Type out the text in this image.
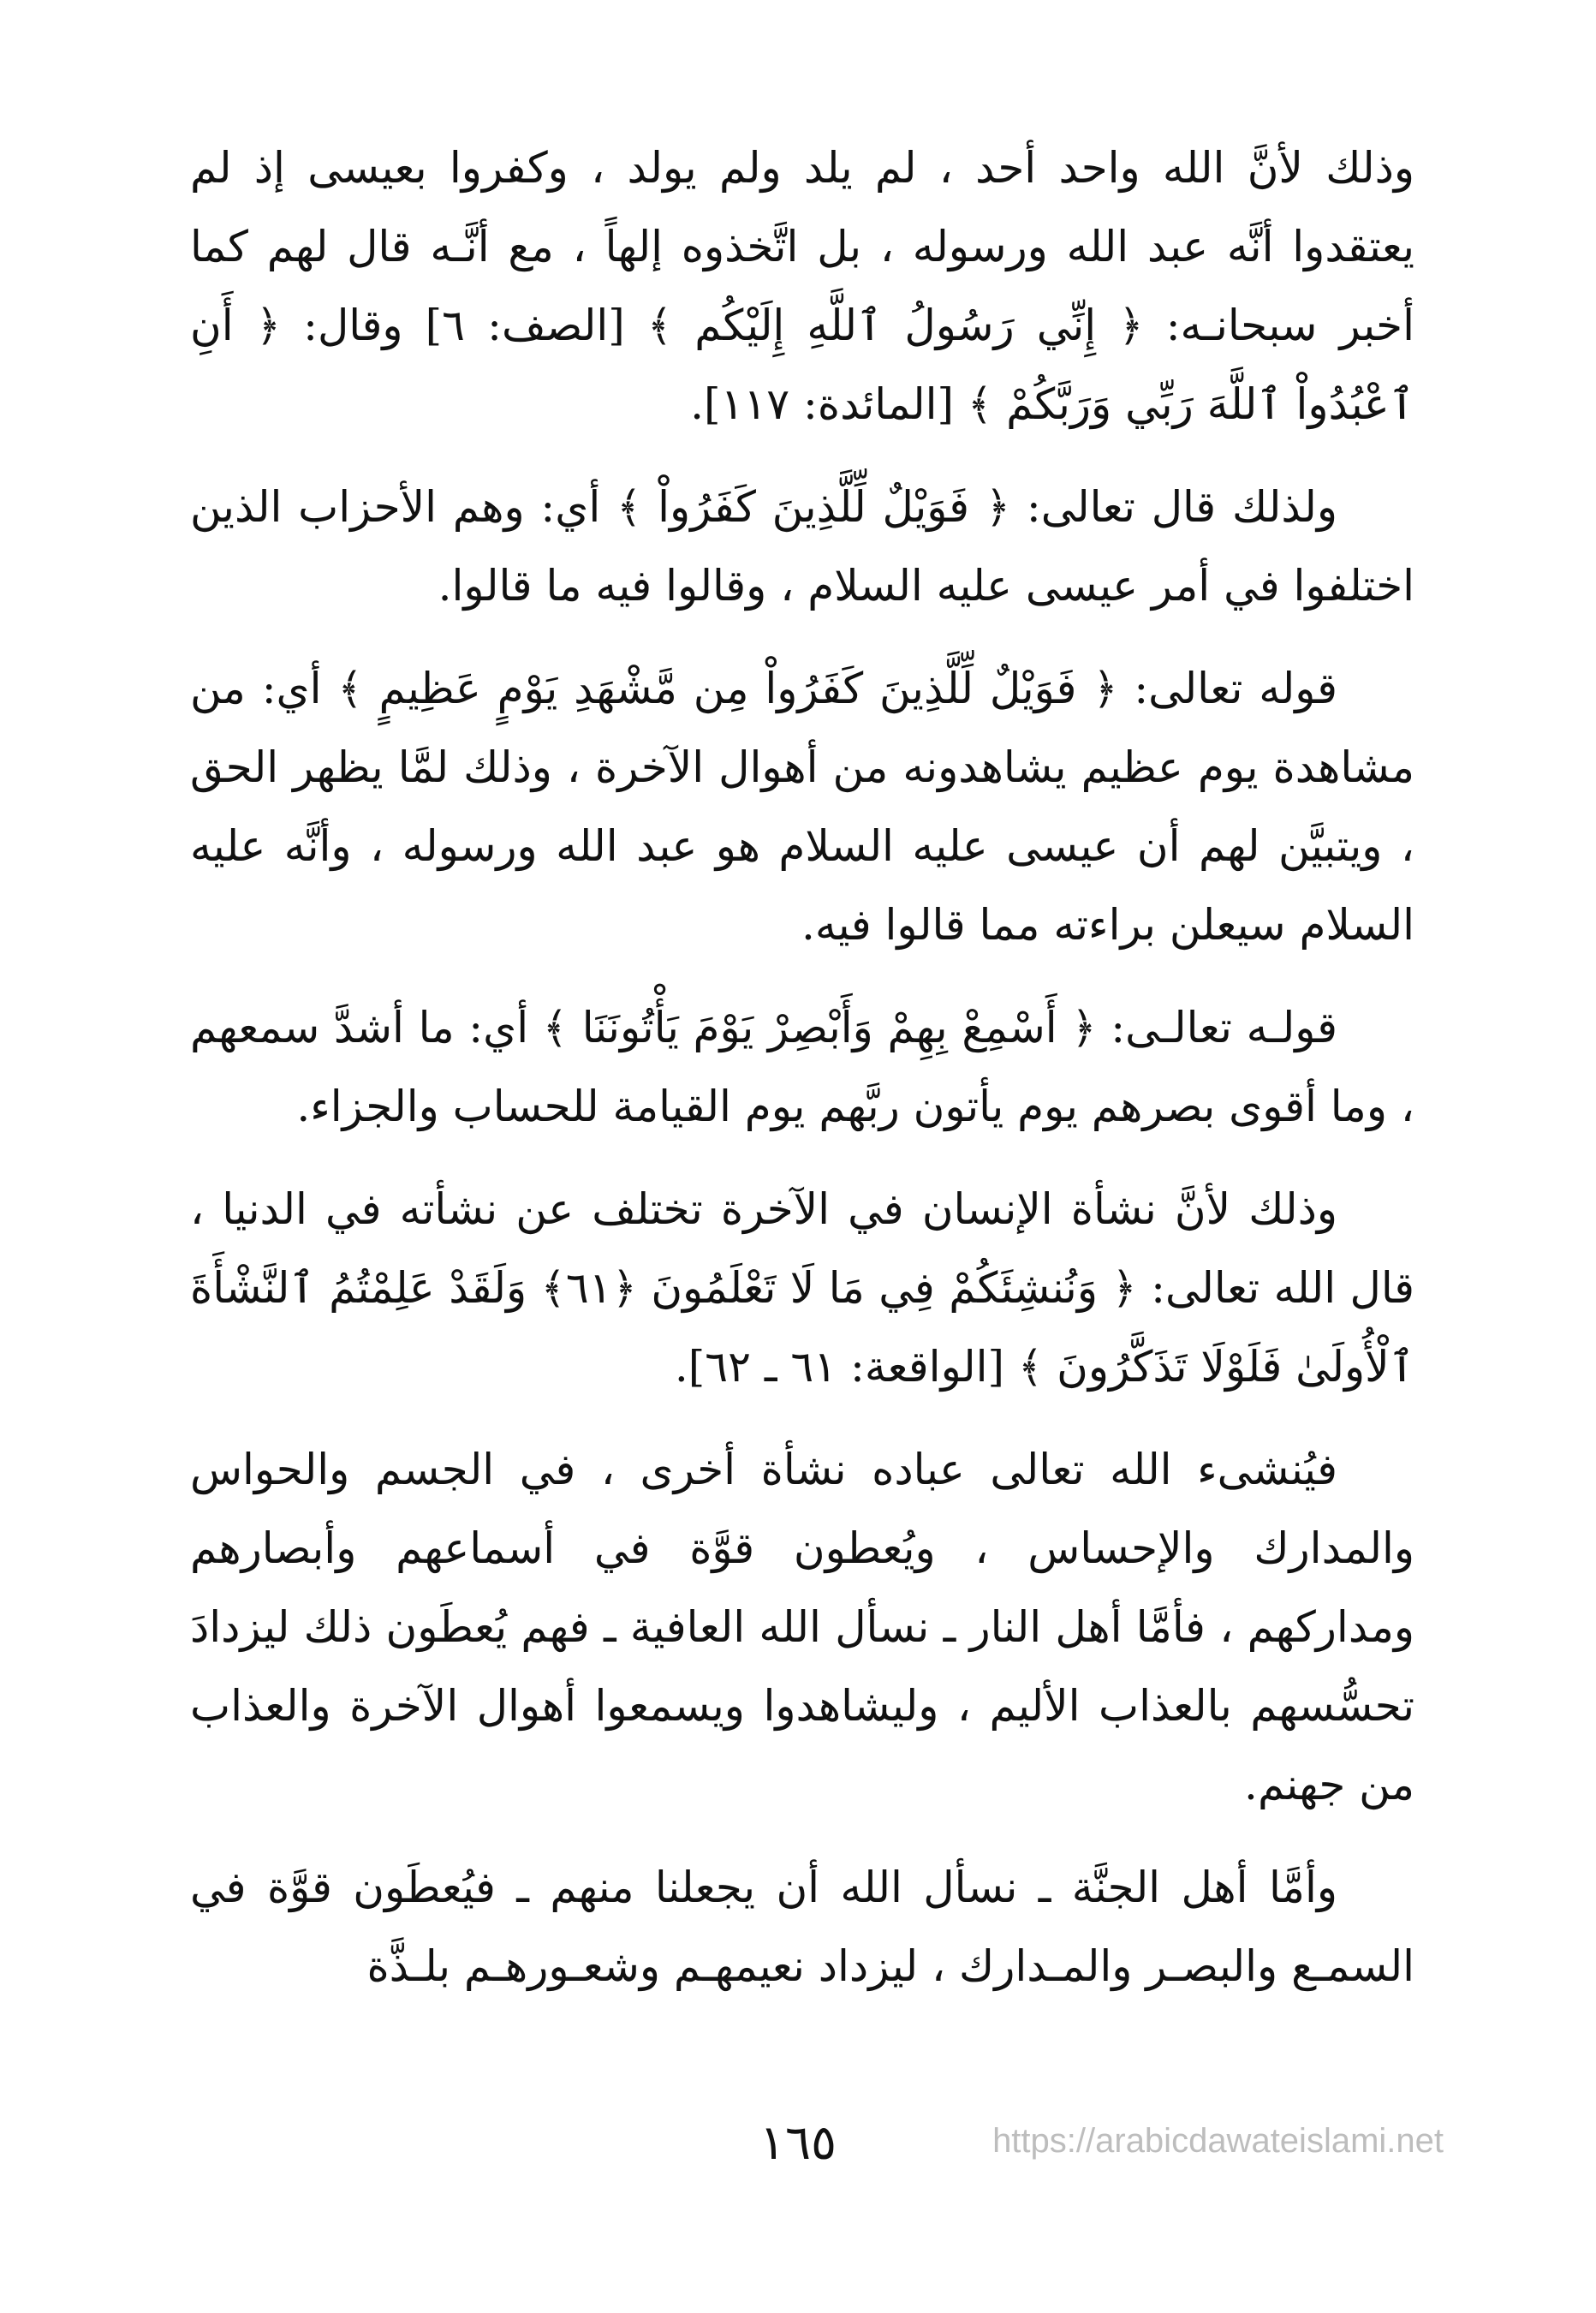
وذلك لأنَّ الله واحد أحد ، لم يلد ولم يولد ، وكفروا بعيسى إذ لم يعتقدوا أنَّه عبد الله ورسوله ، بل اتَّخذوه إلهاً ، مع أنَّـه قال لهم كما أخبر سبحانـه: ﴿ إِنِّي رَسُولُ ٱللَّهِ إِلَيْكُم ﴾ [الصف: ٦] وقال: ﴿ أَنِ ٱعْبُدُواْ ٱللَّهَ رَبِّي وَرَبَّكُمْ ﴾ [المائدة: ١١٧].

ولذلك قال تعالى: ﴿ فَوَيْلٌ لِّلَّذِينَ كَفَرُواْ ﴾ أي: وهم الأحزاب الذين اختلفوا في أمر عيسى عليه السلام ، وقالوا فيه ما قالوا.

قوله تعالى: ﴿ فَوَيْلٌ لِّلَّذِينَ كَفَرُواْ مِن مَّشْهَدِ يَوْمٍ عَظِيمٍ ﴾ أي: من مشاهدة يوم عظيم يشاهدونه من أهوال الآخرة ، وذلك لمَّا يظهر الحق ، ويتبيَّن لهم أن عيسى عليه السلام هو عبد الله ورسوله ، وأنَّه عليه السلام سيعلن براءته مما قالوا فيه.

قولـه تعالـى: ﴿ أَسْمِعْ بِهِمْ وَأَبْصِرْ يَوْمَ يَأْتُونَنَا ﴾ أي: ما أشدَّ سمعهم ، وما أقوى بصرهم يوم يأتون ربَّهم يوم القيامة للحساب والجزاء.

وذلك لأنَّ نشأة الإنسان في الآخرة تختلف عن نشأته في الدنيا ، قال الله تعالى: ﴿ وَنُنشِئَكُمْ فِي مَا لَا تَعْلَمُونَ ﴿٦١﴾ وَلَقَدْ عَلِمْتُمُ ٱلنَّشْأَةَ ٱلْأُولَىٰ فَلَوْلَا تَذَكَّرُونَ ﴾ [الواقعة: ٦١ ـ ٦٢].

فيُنشىء الله تعالى عباده نشأة أخرى ، في الجسم والحواس والمدارك والإحساس ، ويُعطون قوَّة في أسماعهم وأبصارهم ومداركهم ، فأمَّا أهل النار ـ نسأل الله العافية ـ فهم يُعطَون ذلك ليزدادَ تحسُّسهم بالعذاب الأليم ، وليشاهدوا ويسمعوا أهوال الآخرة والعذاب من جهنم.

وأمَّا أهل الجنَّة ـ نسأل الله أن يجعلنا منهم ـ فيُعطَون قوَّة في السمـع والبصـر والمـدارك ، ليزداد نعيمهـم وشعـورهـم بلـذَّة

١٦٥	https://arabicdawateislami.net
